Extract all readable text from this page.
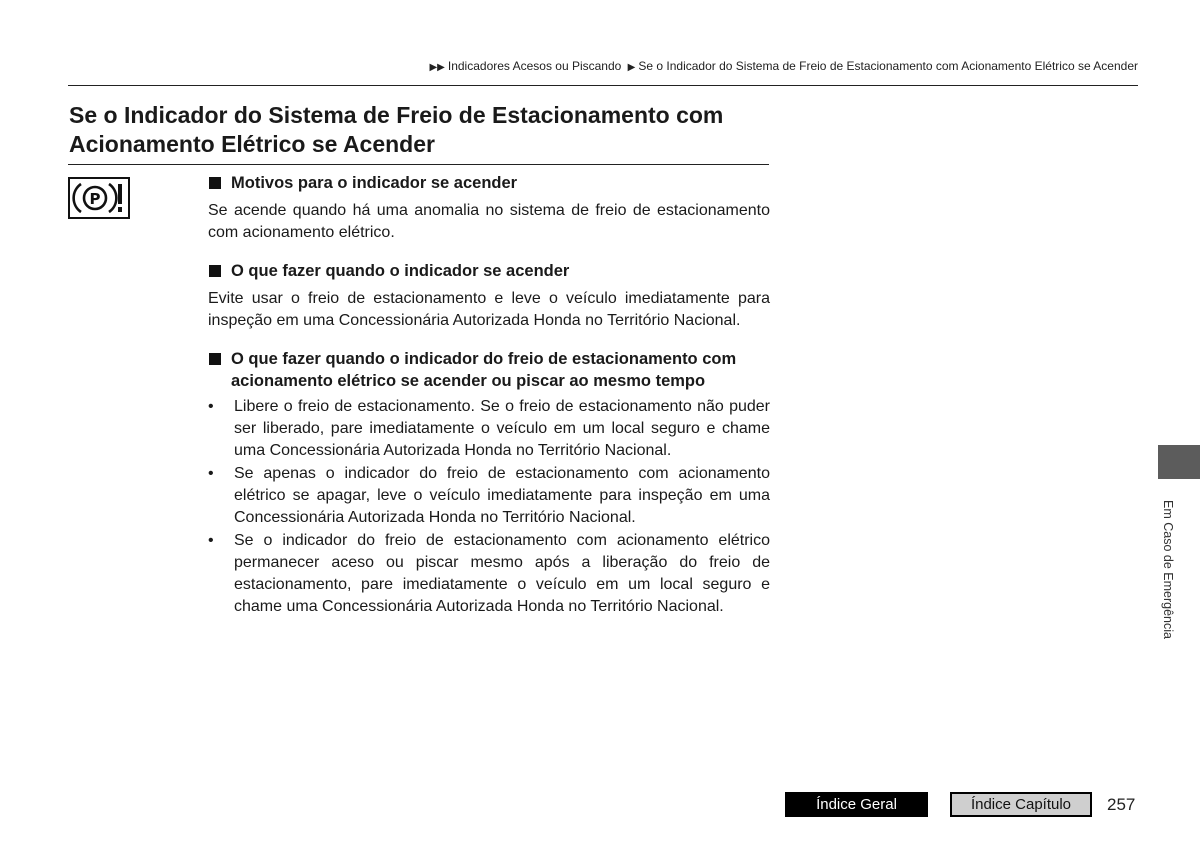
▶▶ Indicadores Acesos ou Piscando ▶ Se o Indicador do Sistema de Freio de Estacionamento com Acionamento Elétrico se Acender
Se o Indicador do Sistema de Freio de Estacionamento com
Acionamento Elétrico se Acender
P
Motivos para o indicador se acender

Se acende quando há uma anomalia no sistema de freio de estacionamento com acionamento elétrico.

O que fazer quando o indicador se acender

Evite usar o freio de estacionamento e leve o veículo imediatamente para inspeção em uma Concessionária Autorizada Honda no Território Nacional.

O que fazer quando o indicador do freio de estacionamento com acionamento elétrico se acender ou piscar ao mesmo tempo
•	Libere o freio de estacionamento. Se o freio de estacionamento não puder ser liberado, pare imediatamente o veículo em um local seguro e chame uma Concessionária Autorizada Honda no Território Nacional.
•	Se apenas o indicador do freio de estacionamento com acionamento elétrico se apagar, leve o veículo imediatamente para inspeção em uma Concessionária Autorizada Honda no Território Nacional.
•	Se o indicador do freio de estacionamento com acionamento elétrico permanecer aceso ou piscar mesmo após a liberação do freio de estacionamento, pare imediatamente o veículo em um local seguro e chame uma Concessionária Autorizada Honda no Território Nacional.	Em Caso de Emergência
Índice Geral	Índice Capítulo	257
